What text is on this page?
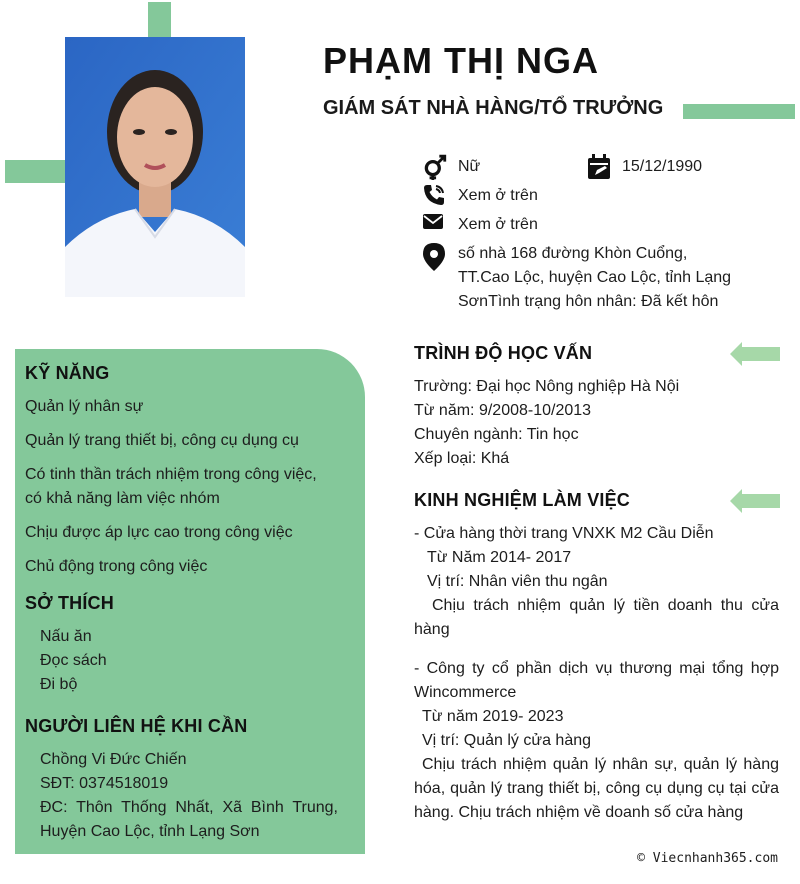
PHẠM THỊ NGA
GIÁM SÁT NHÀ HÀNG/TỔ TRƯỞNG
Nữ	15/12/1990
Xem ở trên
Xem ở trên
số nhà 168 đường Khòn Cuổng,
TT.Cao Lộc, huyện Cao Lộc, tỉnh Lạng
SơnTình trạng hôn nhân: Đã kết hôn
KỸ NĂNG

Quản lý nhân sự

Quản lý trang thiết bị, công cụ dụng cụ

Có tinh thần trách nhiệm trong công việc,

có khả năng làm việc nhóm

Chịu được áp lực cao trong công việc

Chủ động trong công việc

SỞ THÍCH

Nấu ăn

Đọc sách

Đi bộ

NGƯỜI LIÊN HỆ KHI CẦN

Chồng Vi Đức Chiến

SĐT: 0374518019

ĐC: Thôn Thống Nhất, Xã Bình Trung, Huyện Cao Lộc, tỉnh Lạng Sơn

TRÌNH ĐỘ HỌC VẤN

Trường: Đại học Nông nghiệp Hà Nội

Từ năm: 9/2008-10/2013

Chuyên ngành: Tin học

Xếp loại: Khá

KINH NGHIỆM LÀM VIỆC

- Cửa hàng thời trang VNXK M2 Cầu Diễn

Từ Năm 2014- 2017

Vị trí: Nhân viên thu ngân

Chịu trách nhiệm quản lý tiền doanh thu cửa hàng

- Công ty cổ phần dịch vụ thương mại tổng hợp Wincommerce

Từ năm 2019- 2023

Vị trí: Quản lý cửa hàng

Chịu trách nhiệm quản lý nhân sự, quản lý hàng hóa, quản lý trang thiết bị, công cụ dụng cụ tại cửa hàng. Chịu trách nhiệm về doanh số cửa hàng

© Viecnhanh365.com
